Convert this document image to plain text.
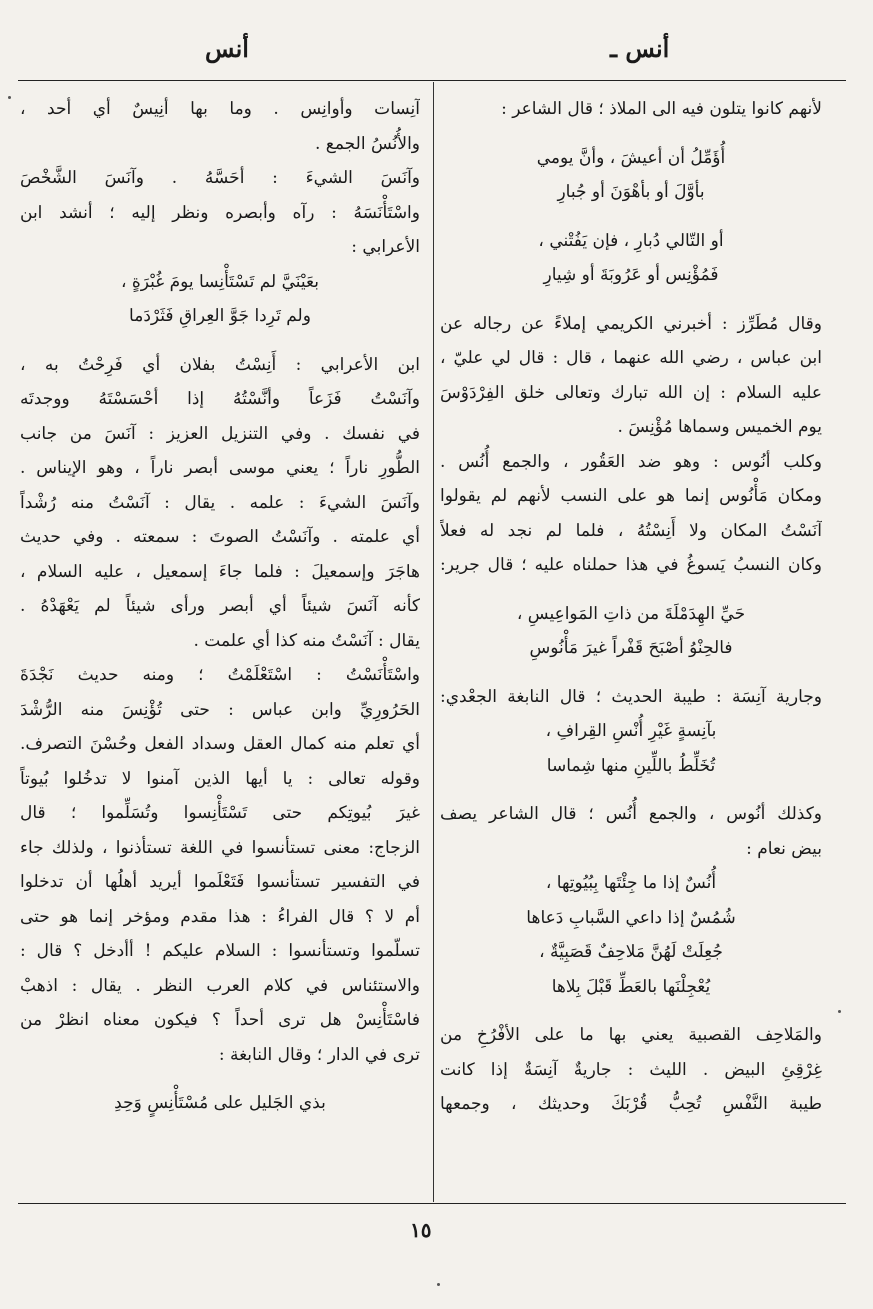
أنس ـ
أنس
لأنهم كانوا يتلون فيه الى الملاذ ؛ قال الشاعر :
أُؤَمِّلُ أن أعيشَ ، وأنَّ يومي
بأوَّلَ أو بأهْوَنَ أو جُبارِ
أو التّالي دُبارِ ، فإن يَفُتْني ،
فَمُؤْنِس أو عَرُوبَةَ أو شِيارِ
وقال مُطَرِّز : أخبرني الكريمي إملاءً عن رجاله عن
ابن عباس ، رضي الله عنهما ، قال : قال لي عليّ ،
عليه السلام : إن الله تبارك وتعالى خلق الفِرْدَوْسَ
يوم الخميس وسماها مُؤْنِسَ .
وكلب أنُوس : وهو ضد العَقُور ، والجمع أُنُس .
ومكان مَأْنُوس إنما هو على النسب لأنهم لم يقولوا
آنَسْتُ المكان ولا أَنِسْتُهُ ، فلما لم نجد له فعلاً
وكان النسبُ يَسوغُ في هذا حملناه عليه ؛ قال جرير:
حَيِّ الهِدَمْلَةَ من ذاتِ المَواعِيسِ ،
فالحِنْوُ أصْبَحَ قَفْراً غيرَ مَأْنُوسِ
وجارية آنِسَة : طيبة الحديث ؛ قال النابغة الجعْدي:
بآنِسةٍ غَيْرِ أُنْسِ القِرافِ ،
تُخَلِّطُ باللِّينِ منها شِماسا
وكذلك أنُوس ، والجمع أُنُس ؛ قال الشاعر يصف
بيض نعام :
أُنُسٌ إذا ما جِئْتَها بِبُيُوتِها ،
شُمُسٌ إذا داعي السَّبابِ دَعاها
جُعِلَتْ لَهُنَّ مَلاحِفٌ قَصَبِيَّةٌ ،
يُعْجِلْنَها بالعَطِّ قَبْلَ بِلاها
والمَلاحِف القصبية يعني بها ما على الأفْرُخِ من
غِرْقِئِ البيض . الليث : جاريةٌ آنِسَةٌ إذا كانت
طيبة النَّفْسِ تُحِبُّ قُرْبَكَ وحديثك ، وجمعها
آنِسات وأوانِس . وما بها أنِيسٌ أي أحد ،
والأُنُسُ الجمع .
وآنَسَ الشيءَ : أحَسَّهُ . وآنَسَ الشَّخْصَ
واسْتَأْنَسَهُ : رآه وأبصره ونظر إليه ؛ أنشد ابن
الأعرابي :
بعَيْنَيَّ لم تَسْتَأْنِسا يومَ غُبْرَةٍ ،
ولم تَرِدا جَوَّ العِراقِ فَثَرْدَما
ابن الأعرابي : أَنِسْتُ بفلان أي فَرِحْتُ به ،
وآنَسْتُ فَزَعاً وأنَّسْتُهُ إذا أحْسَسْتَهُ ووجدتَه
في نفسك . وفي التنزيل العزيز : آنَسَ من جانب
الطُّورِ ناراً ؛ يعني موسى أبصر ناراً ، وهو الإيناس .
وآنَسَ الشيءَ : علمه . يقال : آنَسْتُ منه رُشْداً
أي علمته . وآنَسْتُ الصوتَ : سمعته . وفي حديث
هاجَرَ وإسمعيلَ : فلما جاءَ إسمعيل ، عليه السلام ،
كأنه آنَسَ شيئاً أي أبصر ورأى شيئاً لم يَعْهَدْهُ .
يقال : آنَسْتُ منه كذا أي علمت .
واسْتَأْنَسْتُ : اسْتَعْلَمْتُ ؛ ومنه حديث نَجْدَةَ
الحَرُورِيِّ وابن عباس : حتى تُؤْنِسَ منه الرُّشْدَ
أي تعلم منه كمال العقل وسداد الفعل وحُسْنَ التصرف.
وقوله تعالى : يا أيها الذين آمنوا لا تدخُلوا بُيوتاً
غيرَ بُيوتِكم حتى تَسْتَأْنِسوا وتُسَلِّموا ؛ قال
الزجاج: معنى تستأنسوا في اللغة تستأذنوا ، ولذلك جاء
في التفسير تستأنسوا فَتَعْلَموا أيريد أهلُها أن تدخلوا
أم لا ؟ قال الفراءُ : هذا مقدم ومؤخر إنما هو حتى
تسلّموا وتستأنسوا : السلام عليكم ! أأدخل ؟ قال :
والاستئناس في كلام العرب النظر . يقال : اذهبْ
فاسْتَأْنِسْ هل ترى أحداً ؟ فيكون معناه انظرْ من
ترى في الدار ؛ وقال النابغة :
بذي الجَليل على مُسْتَأْنِسٍ وَحِدِ
١٥
